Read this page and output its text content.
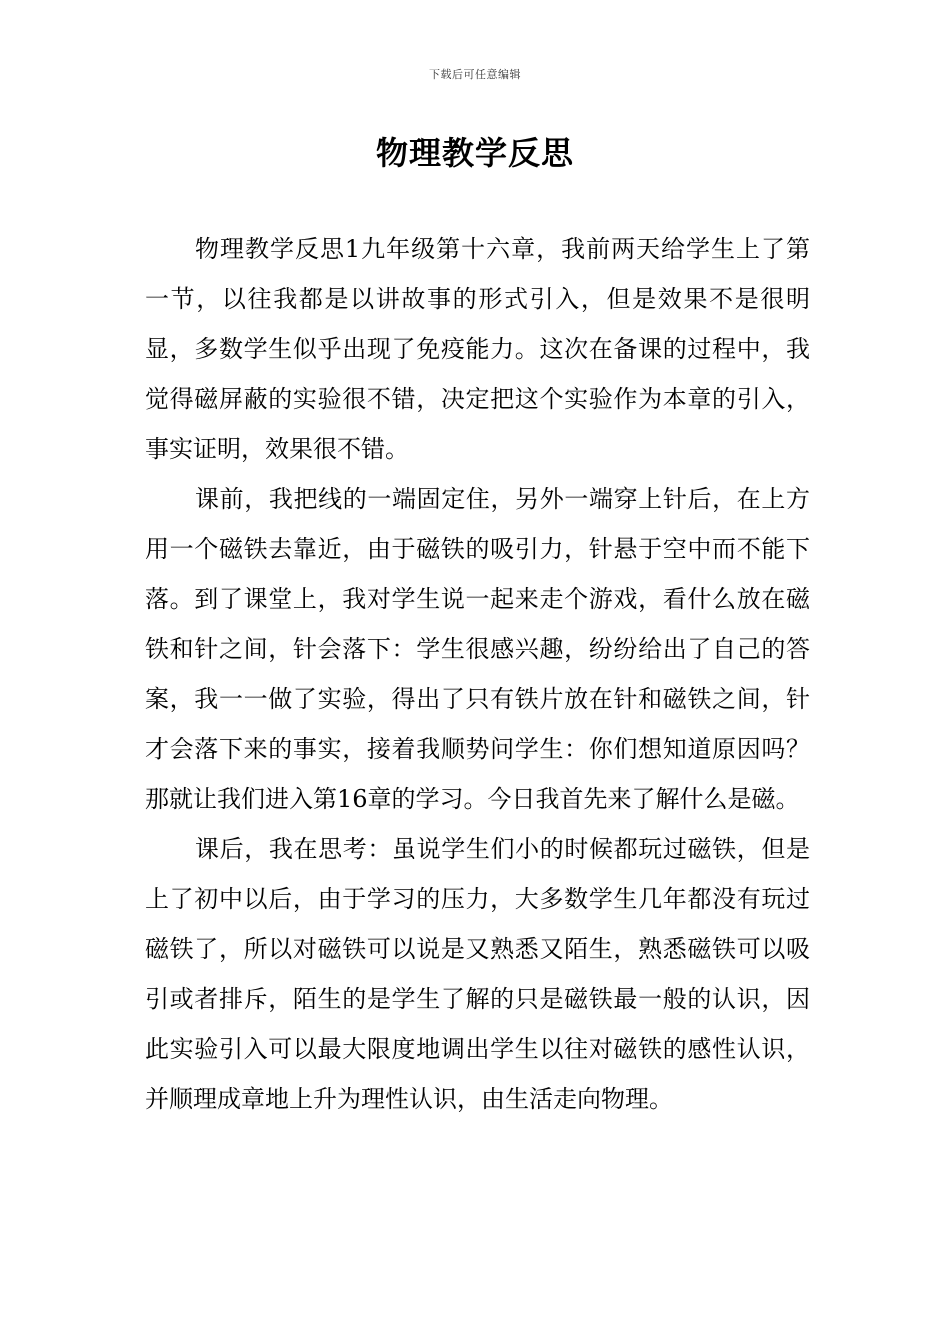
下载后可任意编辑
物理教学反思

物理教学反思1九年级第十六章，我前两天给学生上了第一节，以往我都是以讲故事的形式引入，但是效果不是很明显，多数学生似乎出现了免疫能力。这次在备课的过程中，我觉得磁屏蔽的实验很不错，决定把这个实验作为本章的引入，事实证明，效果很不错。

课前，我把线的一端固定住，另外一端穿上针后，在上方用一个磁铁去靠近，由于磁铁的吸引力，针悬于空中而不能下落。到了课堂上，我对学生说一起来走个游戏，看什么放在磁铁和针之间，针会落下：学生很感兴趣，纷纷给出了自己的答案，我一一做了实验，得出了只有铁片放在针和磁铁之间，针才会落下来的事实，接着我顺势问学生：你们想知道原因吗？那就让我们进入第16章的学习。今日我首先来了解什么是磁。

课后，我在思考：虽说学生们小的时候都玩过磁铁，但是上了初中以后，由于学习的压力，大多数学生几年都没有玩过磁铁了，所以对磁铁可以说是又熟悉又陌生，熟悉磁铁可以吸引或者排斥，陌生的是学生了解的只是磁铁最一般的认识，因此实验引入可以最大限度地调出学生以往对磁铁的感性认识，并顺理成章地上升为理性认识，由生活走向物理。
